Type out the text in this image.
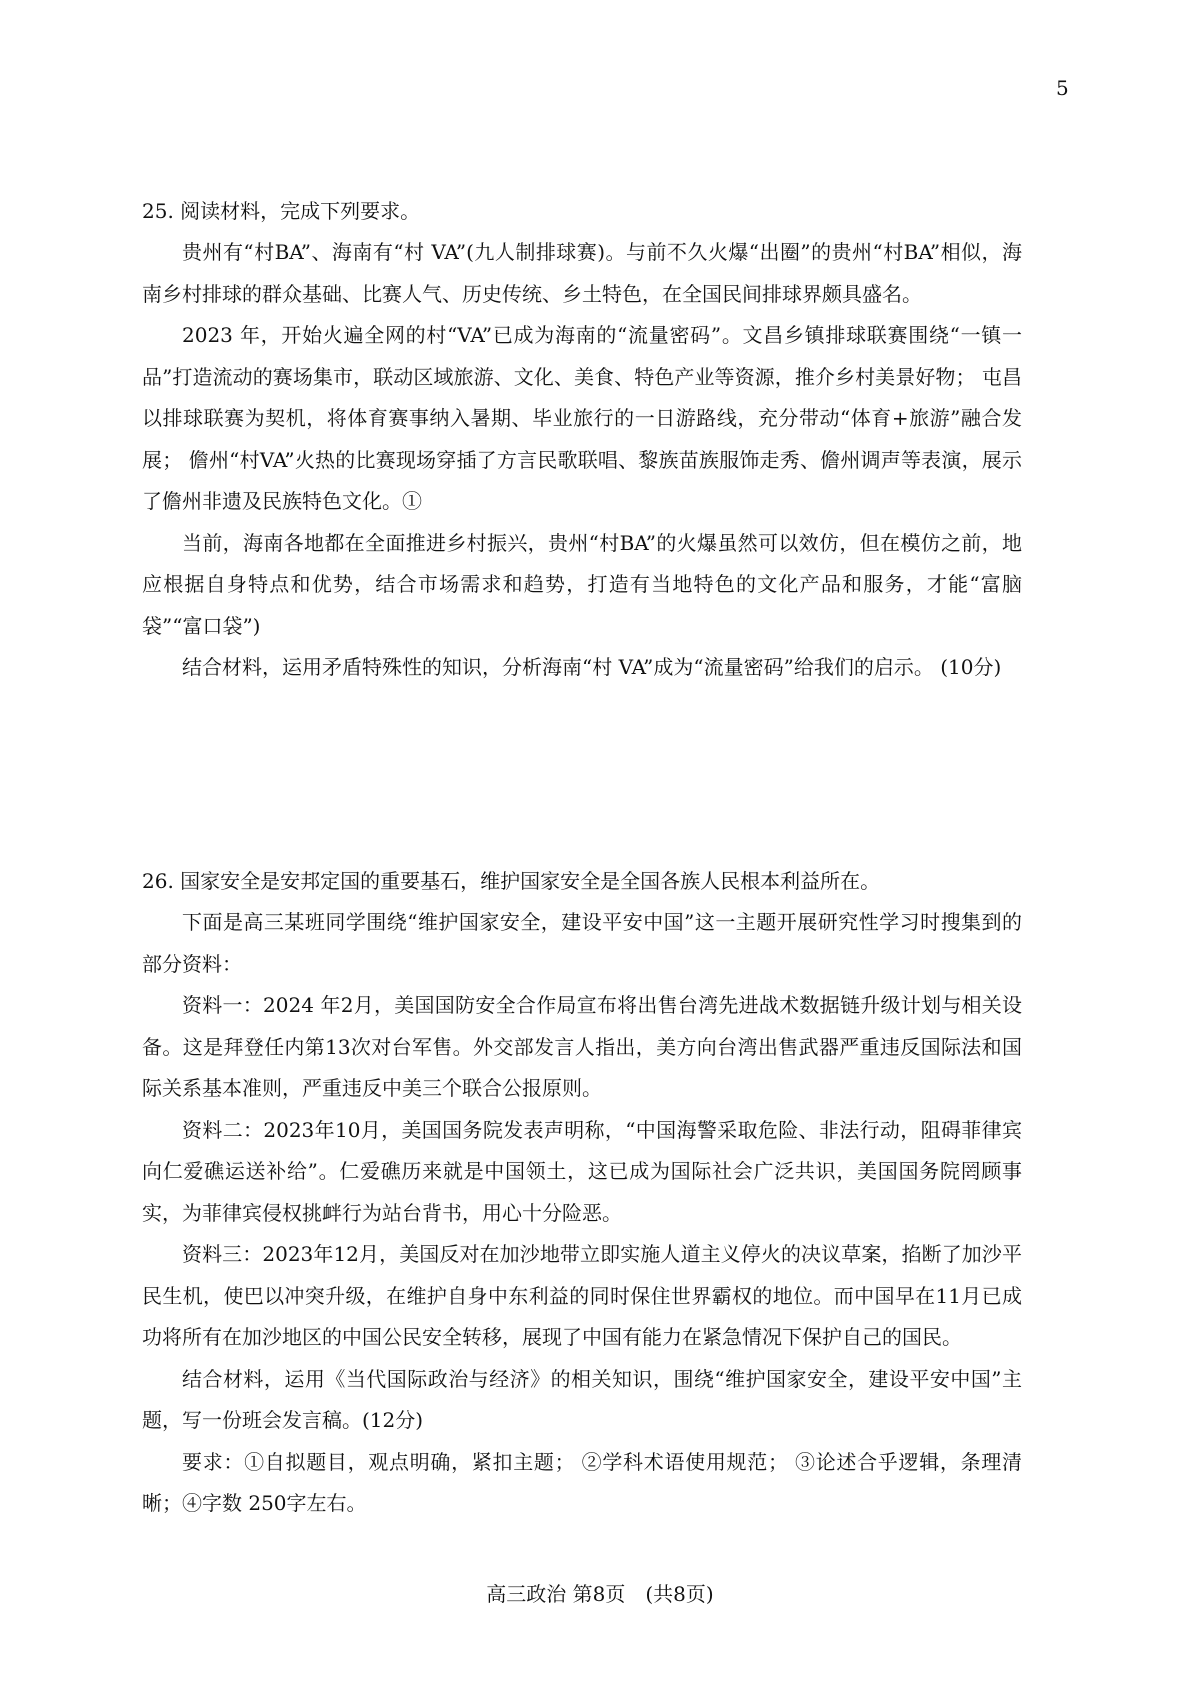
5

25. 阅读材料，完成下列要求。

贵州有“村BA”、海南有“村 VA”(九人制排球赛)。与前不久火爆“出圈”的贵州“村BA”相似，海南乡村排球的群众基础、比赛人气、历史传统、乡土特色，在全国民间排球界颇具盛名。

2023 年，开始火遍全网的村“VA”已成为海南的“流量密码”。文昌乡镇排球联赛围绕“一镇一品”打造流动的赛场集市，联动区域旅游、文化、美食、特色产业等资源，推介乡村美景好物； 屯昌以排球联赛为契机，将体育赛事纳入暑期、毕业旅行的一日游路线，充分带动“体育+旅游”融合发展； 儋州“村VA”火热的比赛现场穿插了方言民歌联唱、黎族苗族服饰走秀、儋州调声等表演，展示了儋州非遗及民族特色文化。①

当前，海南各地都在全面推进乡村振兴，贵州“村BA”的火爆虽然可以效仿，但在模仿之前，地应根据自身特点和优势，结合市场需求和趋势，打造有当地特色的文化产品和服务，才能“富脑袋”“富口袋”)

结合材料，运用矛盾特殊性的知识，分析海南“村 VA”成为“流量密码”给我们的启示。 (10分)

26. 国家安全是安邦定国的重要基石，维护国家安全是全国各族人民根本利益所在。

下面是高三某班同学围绕“维护国家安全，建设平安中国”这一主题开展研究性学习时搜集到的部分资料：

资料一：2024 年2月，美国国防安全合作局宣布将出售台湾先进战术数据链升级计划与相关设备。这是拜登任内第13次对台军售。外交部发言人指出，美方向台湾出售武器严重违反国际法和国际关系基本准则，严重违反中美三个联合公报原则。

资料二：2023年10月，美国国务院发表声明称，“中国海警采取危险、非法行动，阻碍菲律宾向仁爱礁运送补给”。仁爱礁历来就是中国领土，这已成为国际社会广泛共识，美国国务院罔顾事实，为菲律宾侵权挑衅行为站台背书，用心十分险恶。

资料三：2023年12月，美国反对在加沙地带立即实施人道主义停火的决议草案，掐断了加沙平民生机，使巴以冲突升级，在维护自身中东利益的同时保住世界霸权的地位。而中国早在11月已成功将所有在加沙地区的中国公民安全转移，展现了中国有能力在紧急情况下保护自己的国民。

结合材料，运用《当代国际政治与经济》的相关知识，围绕“维护国家安全，建设平安中国”主题，写一份班会发言稿。(12分)

要求：①自拟题目，观点明确，紧扣主题； ②学科术语使用规范； ③论述合乎逻辑，条理清晰；④字数 250字左右。

高三政治 第8页　(共8页)
